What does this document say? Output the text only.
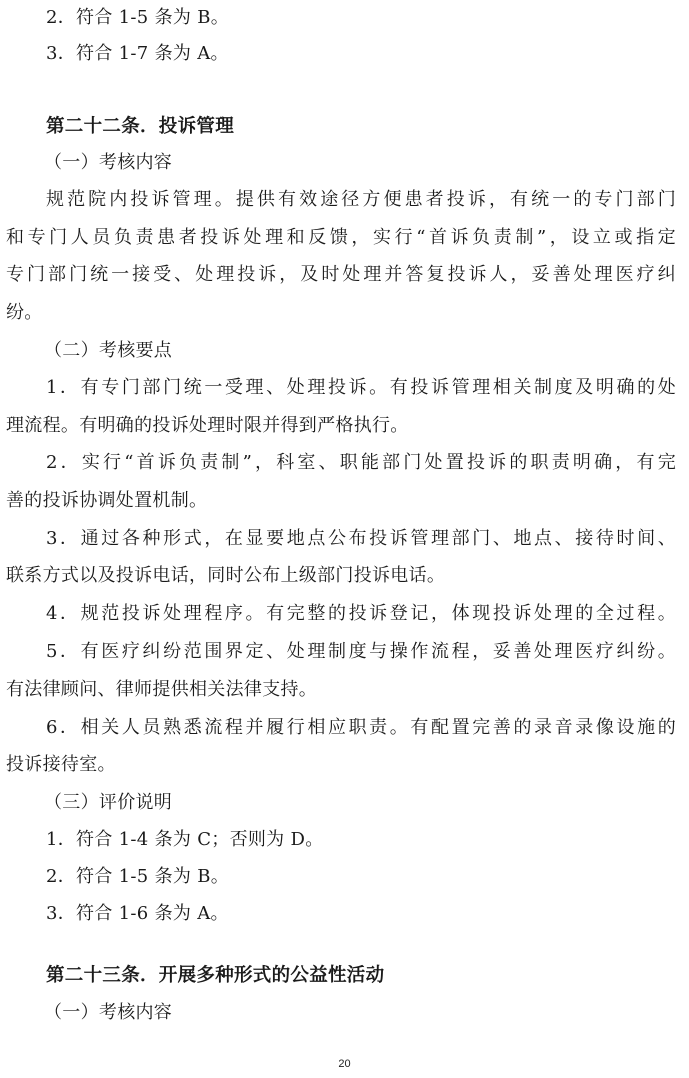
2．符合 1-5 条为 B。
3．符合 1-7 条为 A。
第二十二条．投诉管理
（一）考核内容
规范院内投诉管理。提供有效途径方便患者投诉，有统一的专门部门
和专门人员负责患者投诉处理和反馈，实行“首诉负责制”，设立或指定
专门部门统一接受、处理投诉，及时处理并答复投诉人，妥善处理医疗纠
纷。
（二）考核要点
1．有专门部门统一受理、处理投诉。有投诉管理相关制度及明确的处
理流程。有明确的投诉处理时限并得到严格执行。
2．实行“首诉负责制”，科室、职能部门处置投诉的职责明确，有完
善的投诉协调处置机制。
3．通过各种形式，在显要地点公布投诉管理部门、地点、接待时间、
联系方式以及投诉电话，同时公布上级部门投诉电话。
4．规范投诉处理程序。有完整的投诉登记，体现投诉处理的全过程。
5．有医疗纠纷范围界定、处理制度与操作流程，妥善处理医疗纠纷。
有法律顾问、律师提供相关法律支持。
6．相关人员熟悉流程并履行相应职责。有配置完善的录音录像设施的
投诉接待室。
（三）评价说明
1．符合 1-4 条为 C；否则为 D。
2．符合 1-5 条为 B。
3．符合 1-6 条为 A。
第二十三条．开展多种形式的公益性活动
（一）考核内容
20
